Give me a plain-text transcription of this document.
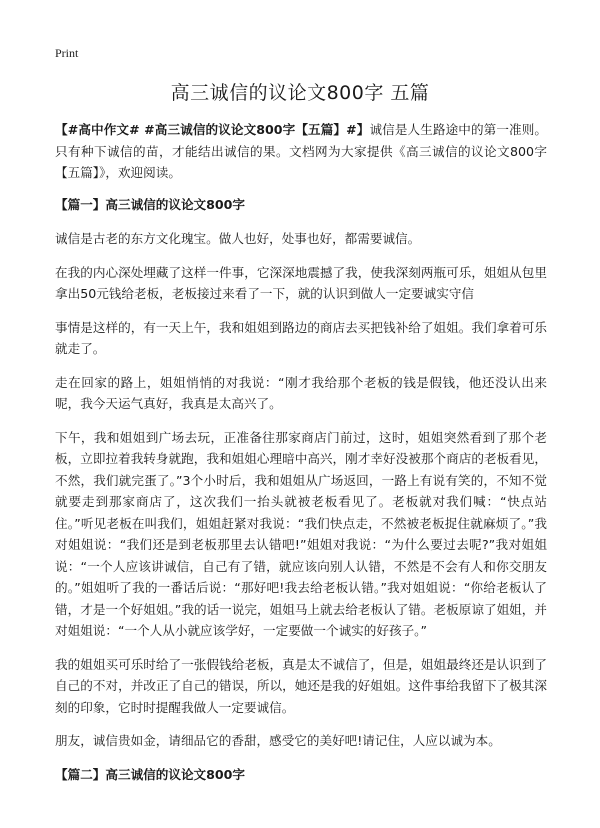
Print
高三诚信的议论文800字 五篇

【#高中作文# #高三诚信的议论文800字【五篇】#】诚信是人生路途中的第一准则。只有种下诚信的苗，才能结出诚信的果。文档网为大家提供《高三诚信的议论文800字【五篇】》，欢迎阅读。

【篇一】高三诚信的议论文800字

诚信是古老的东方文化瑰宝。做人也好，处事也好，都需要诚信。

在我的内心深处埋藏了这样一件事，它深深地震撼了我，使我深刻两瓶可乐，姐姐从包里拿出50元钱给老板，老板接过来看了一下，就的认识到做人一定要诚实守信

事情是这样的，有一天上午，我和姐姐到路边的商店去买把钱补给了姐姐。我们拿着可乐就走了。

走在回家的路上，姐姐悄悄的对我说：“刚才我给那个老板的钱是假钱，他还没认出来呢，我今天运气真好，我真是太高兴了。

下午，我和姐姐到广场去玩，正准备往那家商店门前过，这时，姐姐突然看到了那个老板，立即拉着我转身就跑，我和姐姐心理暗中高兴，刚才幸好没被那个商店的老板看见，不然，我们就完蛋了。”3个小时后，我和姐姐从广场返回，一路上有说有笑的，不知不觉就要走到那家商店了，这次我们一抬头就被老板看见了。老板就对我们喊：“快点站住。”听见老板在叫我们，姐姐赶紧对我说：“我们快点走，不然被老板捉住就麻烦了。”我对姐姐说：“我们还是到老板那里去认错吧!”姐姐对我说：“为什么要过去呢?”我对姐姐说：“一个人应该讲诚信，自己有了错，就应该向别人认错，不然是不会有人和你交朋友的。”姐姐听了我的一番话后说：“那好吧!我去给老板认错。”我对姐姐说：“你给老板认了错，才是一个好姐姐。”我的话一说完，姐姐马上就去给老板认了错。老板原谅了姐姐，并对姐姐说：“一个人从小就应该学好，一定要做一个诚实的好孩子。”

我的姐姐买可乐时给了一张假钱给老板，真是太不诚信了，但是，姐姐最终还是认识到了自己的不对，并改正了自己的错误，所以，她还是我的好姐姐。这件事给我留下了极其深刻的印象，它时时提醒我做人一定要诚信。

朋友，诚信贵如金，请细品它的香甜，感受它的美好吧!请记住，人应以诚为本。

【篇二】高三诚信的议论文800字
